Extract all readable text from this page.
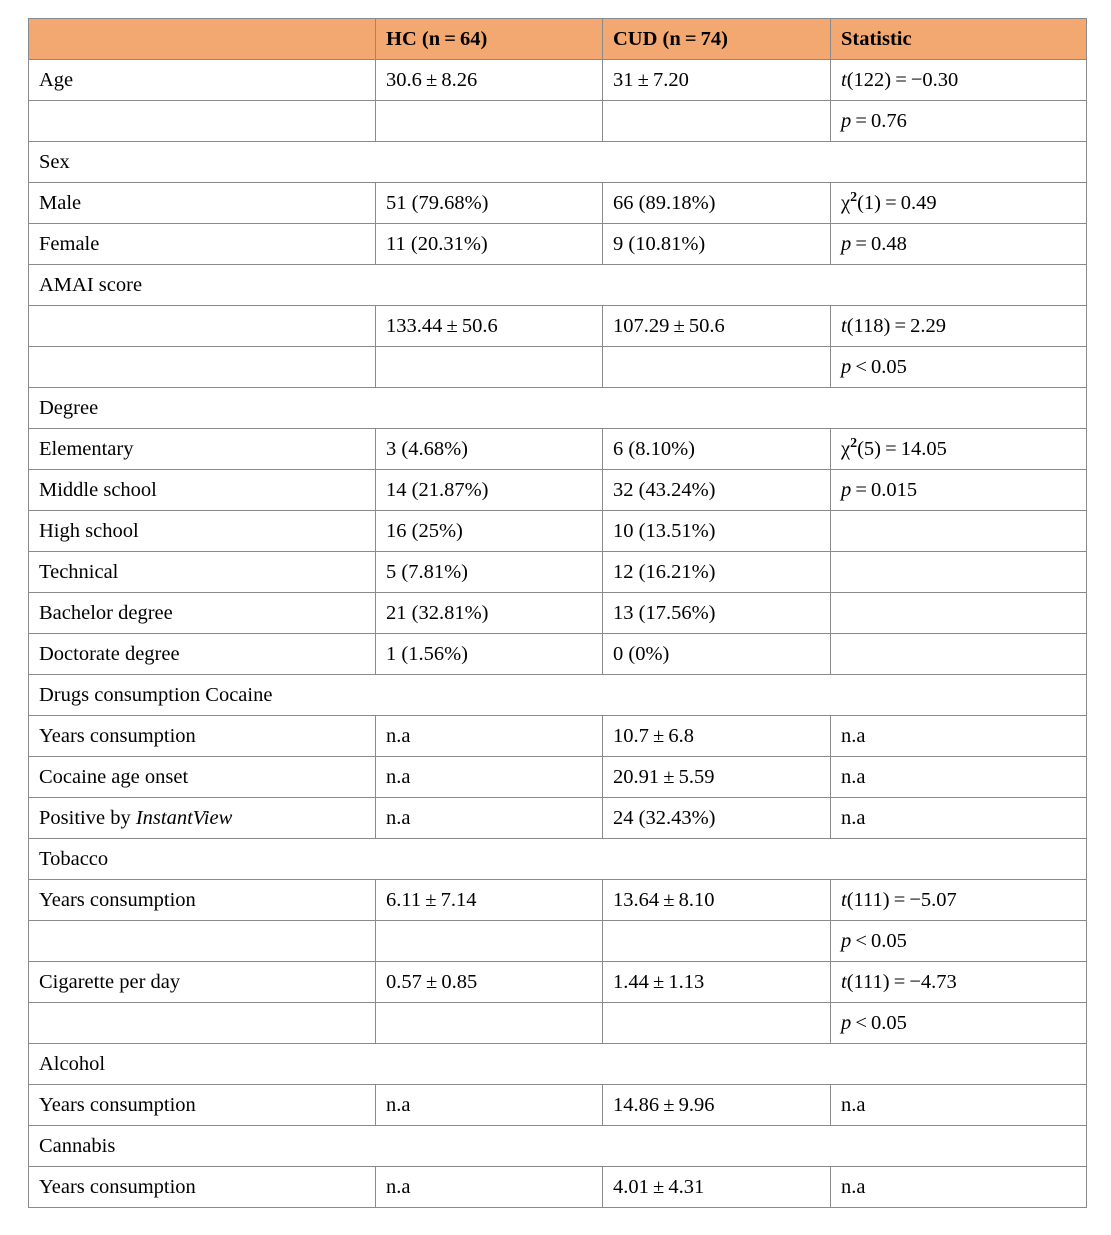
	HC (n = 64)	CUD (n = 74)	Statistic
Age	30.6 ± 8.26	31 ± 7.20	t(122) = −0.30
			p = 0.76
Sex			
Male	51 (79.68%)	66 (89.18%)	$\chi^2(1) = 0.49$
Female	11 (20.31%)	9 (10.81%)	p = 0.48
AMAI score			
	133.44 ± 50.6	107.29 ± 50.6	t(118) = 2.29
			p < 0.05
Degree			
Elementary	3 (4.68%)	6 (8.10%)	$\chi^2(5) = 14.05$
Middle school	14 (21.87%)	32 (43.24%)	p = 0.015
High school	16 (25%)	10 (13.51%)	
Technical	5 (7.81%)	12 (16.21%)	
Bachelor degree	21 (32.81%)	13 (17.56%)	
Doctorate degree	1 (1.56%)	0 (0%)	
Drugs consumption Cocaine			
Years consumption	n.a	10.7 ± 6.8	n.a
Cocaine age onset	n.a	20.91 ± 5.59	n.a
Positive by InstantView	n.a	24 (32.43%)	n.a
Tobacco			
Years consumption	6.11 ± 7.14	13.64 ± 8.10	t(111) = −5.07
			p < 0.05
Cigarette per day	0.57 ± 0.85	1.44 ± 1.13	t(111) = −4.73
			p < 0.05
Alcohol			
Years consumption	n.a	14.86 ± 9.96	n.a
Cannabis			
Years consumption	n.a	4.01 ± 4.31	n.a
